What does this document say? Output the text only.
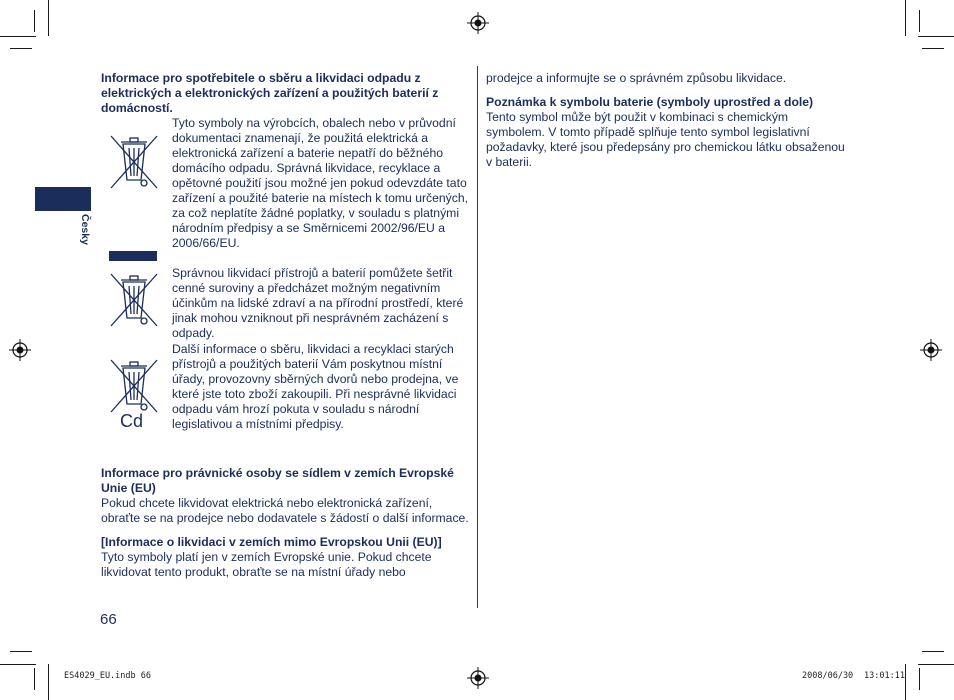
Česky

Informace pro spotřebitele o sběru a likvidaci odpadu z elektrických a elektronických zařízení a použitých baterií z domácností.

Tyto symboly na výrobcích, obalech nebo v průvodní dokumentaci znamenají, že použitá elektrická a elektronická zařízení a baterie nepatří do běžného domácího odpadu. Správná likvidace, recyklace a opětovné použití jsou možné jen pokud odevzdáte tato zařízení a použité baterie na místech k tomu určených, za což neplatíte žádné poplatky, v souladu s platnými národním předpisy a se Směrnicemi 2002/96/EU a 2006/66/EU.

Správnou likvidací přístrojů a baterií pomůžete šetřit cenné suroviny a předcházet možným negativním účinkům na lidské zdraví a na přírodní prostředí, které jinak mohou vzniknout při nesprávném zacházení s odpady.

Cd

Další informace o sběru, likvidaci a recyklaci starých přístrojů a použitých baterií Vám poskytnou místní úřady, provozovny sběrných dvorů nebo prodejna, ve které jste toto zboží zakoupili. Při nesprávné likvidaci odpadu vám hrozí pokuta v souladu s národní legislativou a místními předpisy.

Informace pro právnické osoby se sídlem v zemích Evropské Unie (EU)

Pokud chcete likvidovat elektrická nebo elektronická zařízení, obraťte se na prodejce nebo dodavatele s žádostí o další informace.

[Informace o likvidaci v zemích mimo Evropskou Unii (EU)]

Tyto symboly platí jen v zemích Evropské unie. Pokud chcete likvidovat tento produkt, obraťte se na místní úřady nebo

prodejce a informujte se o správném způsobu likvidace.

Poznámka k symbolu baterie (symboly uprostřed a dole)

Tento symbol může být použit v kombinaci s chemickým symbolem. V tomto případě splňuje tento symbol legislativní požadavky, které jsou předepsány pro chemickou látku obsaženou v baterii.

66
ES4029_EU.indb 66	2008/06/30 13:01:11
